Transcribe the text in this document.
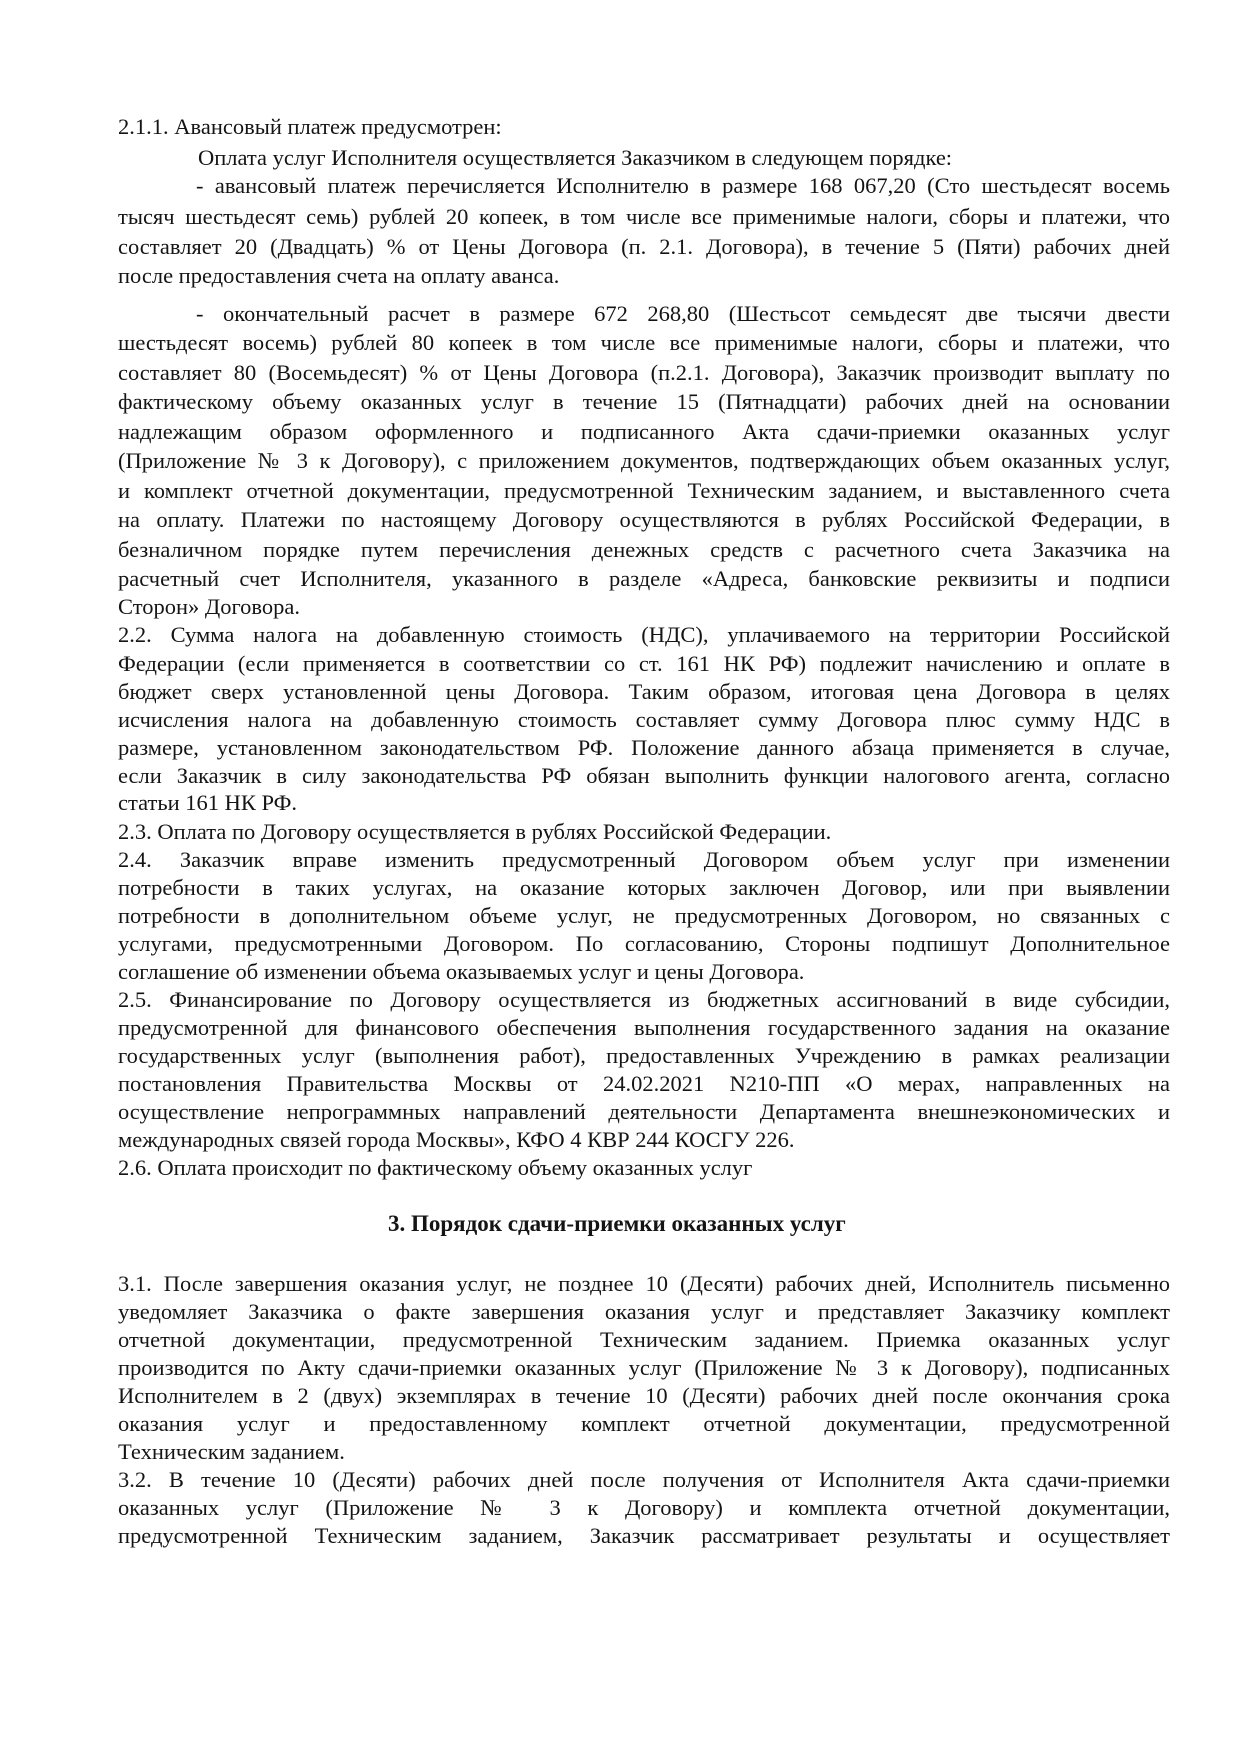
2.1.1. Авансовый платеж предусмотрен:

Оплата услуг Исполнителя осуществляется Заказчиком в следующем порядке:

- авансовый платеж перечисляется Исполнителю в размере 168 067,20 (Сто шестьдесят восемь

тысяч шестьдесят семь) рублей 20 копеек, в том числе все применимые налоги, сборы и платежи, что

составляет 20 (Двадцать) % от Цены Договора (п. 2.1. Договора), в течение 5 (Пяти) рабочих дней

после предоставления счета на оплату аванса.

- окончательный расчет в размере 672 268,80 (Шестьсот семьдесят две тысячи двести

шестьдесят восемь) рублей 80 копеек в том числе все применимые налоги, сборы и платежи, что

составляет 80 (Восемьдесят) % от Цены Договора (п.2.1. Договора), Заказчик производит выплату по

фактическому объему оказанных услуг в течение 15 (Пятнадцати) рабочих дней на основании

надлежащим образом оформленного и подписанного Акта сдачи-приемки оказанных услуг

(Приложение № 3 к Договору), с приложением документов, подтверждающих объем оказанных услуг,

и комплект отчетной документации, предусмотренной Техническим заданием, и выставленного счета

на оплату. Платежи по настоящему Договору осуществляются в рублях Российской Федерации, в

безналичном порядке путем перечисления денежных средств с расчетного счета Заказчика на

расчетный счет Исполнителя, указанного в разделе «Адреса, банковские реквизиты и подписи

Сторон» Договора.

2.2. Сумма налога на добавленную стоимость (НДС), уплачиваемого на территории Российской

Федерации (если применяется в соответствии со ст. 161 НК РФ) подлежит начислению и оплате в

бюджет сверх установленной цены Договора. Таким образом, итоговая цена Договора в целях

исчисления налога на добавленную стоимость составляет сумму Договора плюс сумму НДС в

размере, установленном законодательством РФ. Положение данного абзаца применяется в случае,

если Заказчик в силу законодательства РФ обязан выполнить функции налогового агента, согласно

статьи 161 НК РФ.

2.3. Оплата по Договору осуществляется в рублях Российской Федерации.

2.4. Заказчик вправе изменить предусмотренный Договором объем услуг при изменении

потребности в таких услугах, на оказание которых заключен Договор, или при выявлении

потребности в дополнительном объеме услуг, не предусмотренных Договором, но связанных с

услугами, предусмотренными Договором. По согласованию, Стороны подпишут Дополнительное

соглашение об изменении объема оказываемых услуг и цены Договора.

2.5. Финансирование по Договору осуществляется из бюджетных ассигнований в виде субсидии,

предусмотренной для финансового обеспечения выполнения государственного задания на оказание

государственных услуг (выполнения работ), предоставленных Учреждению в рамках реализации

постановления Правительства Москвы от 24.02.2021 N210-ПП «О мерах, направленных на

осуществление непрограммных направлений деятельности Департамента внешнеэкономических и

международных связей города Москвы», КФО 4 КВР 244 КОСГУ 226.

2.6. Оплата происходит по фактическому объему оказанных услуг

3. Порядок сдачи-приемки оказанных услуг

3.1. После завершения оказания услуг, не позднее 10 (Десяти) рабочих дней, Исполнитель письменно

уведомляет Заказчика о факте завершения оказания услуг и представляет Заказчику комплект

отчетной документации, предусмотренной Техническим заданием. Приемка оказанных услуг

производится по Акту сдачи-приемки оказанных услуг (Приложение № 3 к Договору), подписанных

Исполнителем в 2 (двух) экземплярах в течение 10 (Десяти) рабочих дней после окончания срока

оказания услуг и предоставленному комплект отчетной документации, предусмотренной

Техническим заданием.

3.2. В течение 10 (Десяти) рабочих дней после получения от Исполнителя Акта сдачи-приемки

оказанных услуг (Приложение № 3 к Договору) и комплекта отчетной документации,

предусмотренной Техническим заданием, Заказчик рассматривает результаты и осуществляет
